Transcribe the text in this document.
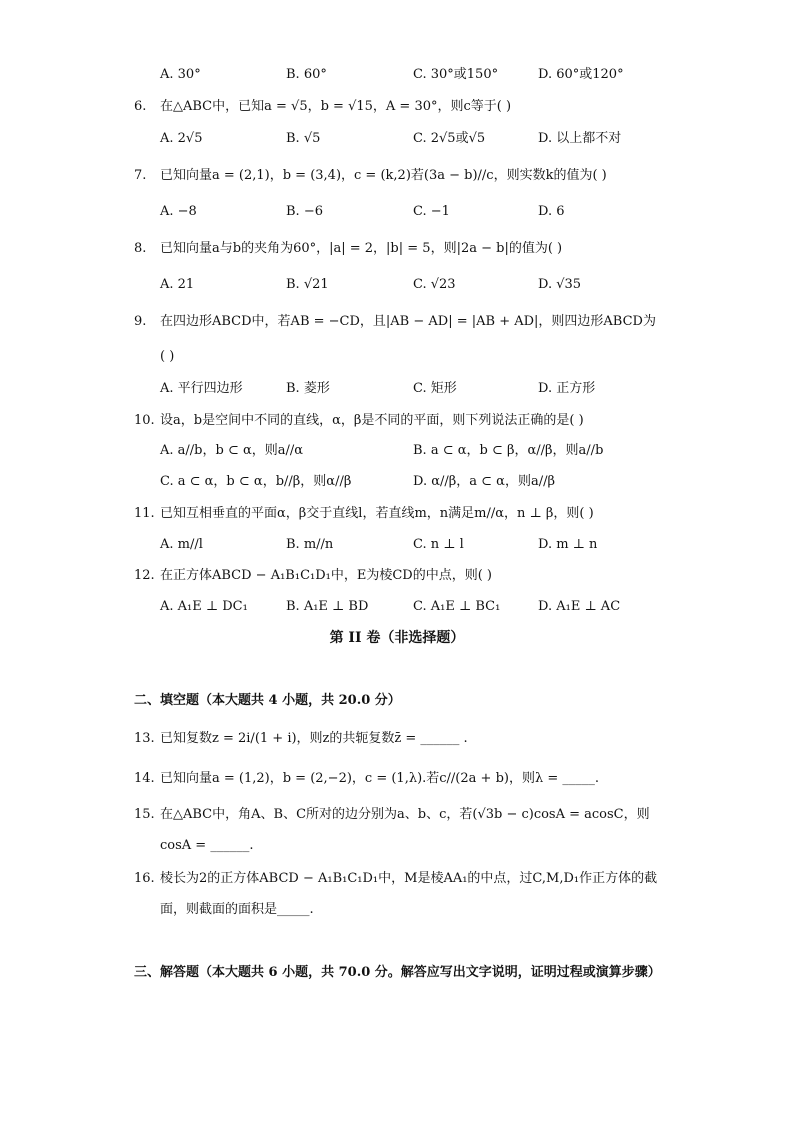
A. 30°	B. 60°	C. 30°或150°	D. 60°或120°
6.	在△ABC中，已知a = √5，b = √15，A = 30°，则c等于( )
A. 2√5	B. √5	C. 2√5或√5	D. 以上都不对
7.	已知向量a = (2,1)，b = (3,4)，c = (k,2)若(3a − b)//c，则实数k的值为( )
A. −8	B. −6	C. −1	D. 6
8.	已知向量a与b的夹角为60°，|a| = 2，|b| = 5，则|2a − b|的值为( )
A. 21	B. √21	C. √23	D. √35
9.	在四边形ABCD中，若AB = −CD，且|AB − AD| = |AB + AD|，则四边形ABCD为
( )
A. 平行四边形	B. 菱形	C. 矩形	D. 正方形
10. 设a，b是空间中不同的直线，α，β是不同的平面，则下列说法正确的是( )
A. a//b，b ⊂ α，则a//α	B. a ⊂ α，b ⊂ β，α//β，则a//b
C. a ⊂ α，b ⊂ α，b//β，则α//β	D. α//β，a ⊂ α，则a//β
11. 已知互相垂直的平面α，β交于直线l，若直线m，n满足m//α，n ⊥ β，则( )
A. m//l	B. m//n	C. n ⊥ l	D. m ⊥ n
12. 在正方体ABCD − A₁B₁C₁D₁中，E为棱CD的中点，则( )
A. A₁E ⊥ DC₁	B. A₁E ⊥ BD	C. A₁E ⊥ BC₁	D. A₁E ⊥ AC
第 II 卷（非选择题）
二、填空题（本大题共 4 小题，共 20.0 分）
13. 已知复数z = 2i/(1 + i)，则z的共轭复数z̄ = ______ .
14. 已知向量a = (1,2)，b = (2,−2)，c = (1,λ).若c//(2a + b)，则λ = _____.
15. 在△ABC中，角A、B、C所对的边分别为a、b、c，若(√3b − c)cosA = acosC，则
cosA = ______.
16. 棱长为2的正方体ABCD − A₁B₁C₁D₁中，M是棱AA₁的中点，过C,M,D₁作正方体的截
面，则截面的面积是_____.
三、解答题（本大题共 6 小题，共 70.0 分。解答应写出文字说明，证明过程或演算步骤）
